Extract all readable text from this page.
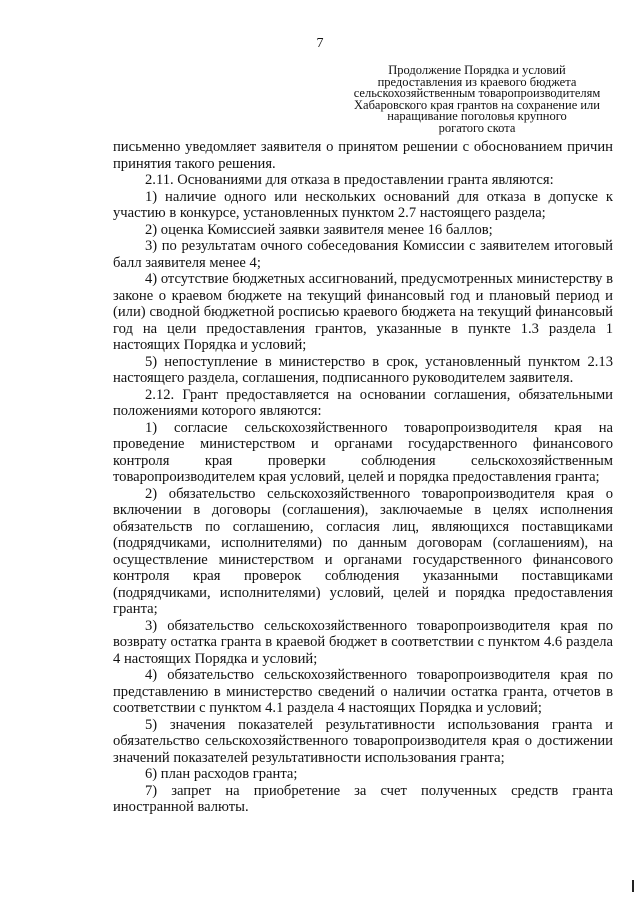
7
Продолжение Порядка и условий
предоставления из краевого бюджета
сельскохозяйственным товаропроизводителям
Хабаровского края грантов на сохранение или
наращивание поголовья крупного
рогатого скота

письменно уведомляет заявителя о принятом решении с обоснованием причин принятия такого решения.

2.11. Основаниями для отказа в предоставлении гранта являются:

1) наличие одного или нескольких оснований для отказа в допуске к участию в конкурсе, установленных пунктом 2.7 настоящего раздела;

2) оценка Комиссией заявки заявителя менее 16 баллов;

3) по результатам очного собеседования Комиссии с заявителем итоговый балл заявителя менее 4;

4) отсутствие бюджетных ассигнований, предусмотренных министерству в законе о краевом бюджете на текущий финансовый год и плановый период и (или) сводной бюджетной росписью краевого бюджета на текущий финансовый год на цели предоставления грантов, указанные в пункте 1.3 раздела 1 настоящих Порядка и условий;

5) непоступление в министерство в срок, установленный пунктом 2.13 настоящего раздела, соглашения, подписанного руководителем заявителя.

2.12. Грант предоставляется на основании соглашения, обязательными положениями которого являются:

1) согласие сельскохозяйственного товаропроизводителя края на проведение министерством и органами государственного финансового контроля края проверки соблюдения сельскохозяйственным товаропроизводителем края условий, целей и порядка предоставления гранта;

2) обязательство сельскохозяйственного товаропроизводителя края о включении в договоры (соглашения), заключаемые в целях исполнения обязательств по соглашению, согласия лиц, являющихся поставщиками (подрядчиками, исполнителями) по данным договорам (соглашениям), на осуществление министерством и органами государственного финансового контроля края проверок соблюдения указанными поставщиками (подрядчиками, исполнителями) условий, целей и порядка предоставления гранта;

3) обязательство сельскохозяйственного товаропроизводителя края по возврату остатка гранта в краевой бюджет в соответствии с пунктом 4.6 раздела 4 настоящих Порядка и условий;

4) обязательство сельскохозяйственного товаропроизводителя края по представлению в министерство сведений о наличии остатка гранта, отчетов в соответствии с пунктом 4.1 раздела 4 настоящих Порядка и условий;

5) значения показателей результативности использования гранта и обязательство сельскохозяйственного товаропроизводителя края о достижении значений показателей результативности использования гранта;

6) план расходов гранта;

7) запрет на приобретение за счет полученных средств гранта иностранной валюты.
